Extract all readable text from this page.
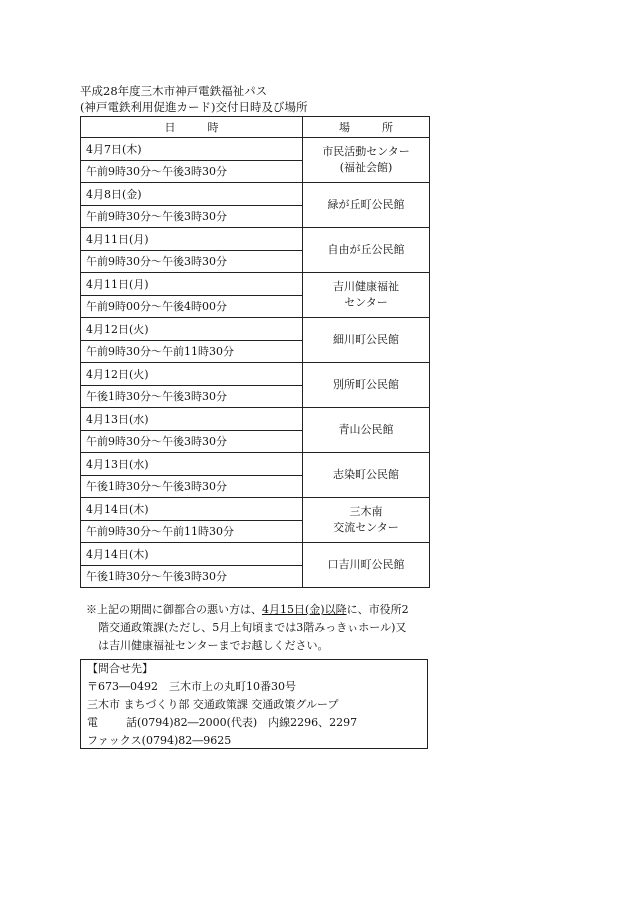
平成28年度三木市神戸電鉄福祉パス
(神戸電鉄利用促進カード)交付日時及び場所
日 時	場 所
4月7日(木)	市民活動センター
(福祉会館)
午前9時30分～午後3時30分	
4月8日(金)	緑が丘町公民館
午前9時30分～午後3時30分	
4月11日(月)	自由が丘公民館
午前9時30分～午後3時30分	
4月11日(月)	吉川健康福祉
センター
午前9時00分～午後4時00分	
4月12日(火)	細川町公民館
午前9時30分～午前11時30分	
4月12日(火)	別所町公民館
午後1時30分～午後3時30分	
4月13日(水)	青山公民館
午前9時30分～午後3時30分	
4月13日(水)	志染町公民館
午後1時30分～午後3時30分	
4月14日(木)	三木南
交流センター
午前9時30分～午前11時30分	
4月14日(木)	口吉川町公民館
午後1時30分～午後3時30分	
※上記の期間に御都合の悪い方は、4月15日(金)以降に、市役所2
階交通政策課(ただし、5月上旬頃までは3階みっきぃホール)又
は吉川健康福祉センターまでお越しください。
【問合せ先】
〒673―0492　三木市上の丸町10番30号
三木市 まちづくり部 交通政策課 交通政策グループ
電	話(0794)82―2000(代表)　内線2296、2297
ファックス(0794)82―9625
